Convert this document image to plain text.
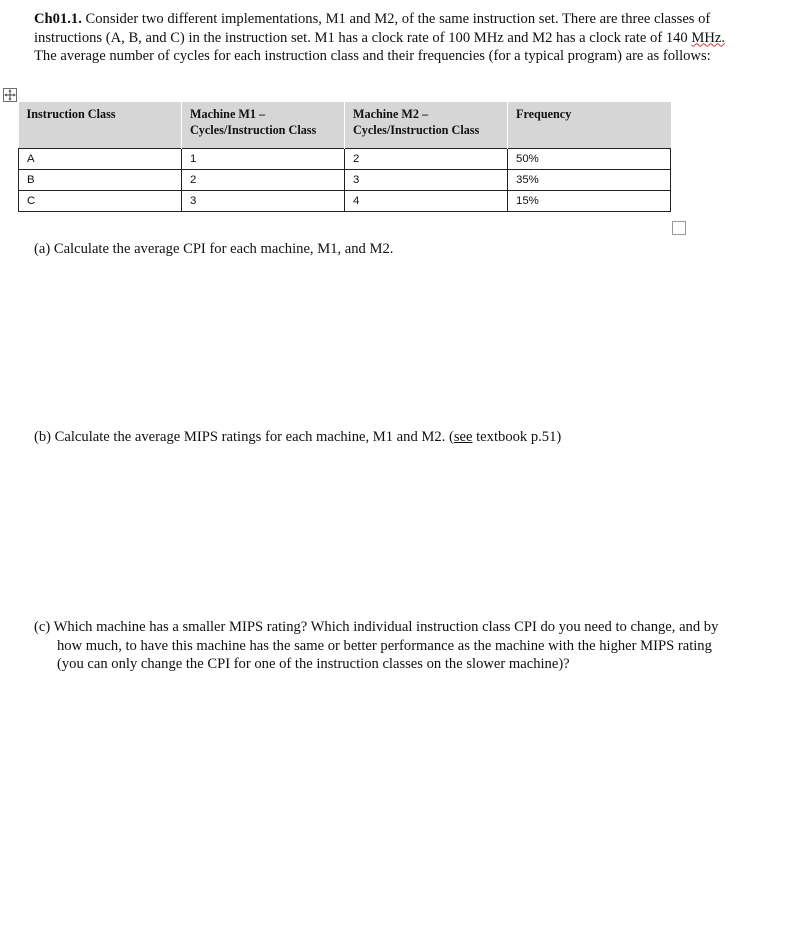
Ch01.1. Consider two different implementations, M1 and M2, of the same instruction set. There are three classes of instructions (A, B, and C) in the instruction set. M1 has a clock rate of 100 MHz and M2 has a clock rate of 140 MHz. The average number of cycles for each instruction class and their frequencies (for a typical program) are as follows:

Instruction Class	Machine M1 – Cycles/Instruction Class	Machine M2 – Cycles/Instruction Class	Frequency
A	1	2	50%
B	2	3	35%
C	3	4	15%

(a) Calculate the average CPI for each machine, M1, and M2.

(b) Calculate the average MIPS ratings for each machine, M1 and M2. (see textbook p.51)

(c) Which machine has a smaller MIPS rating? Which individual instruction class CPI do you need to change, and by how much, to have this machine has the same or better performance as the machine with the higher MIPS rating (you can only change the CPI for one of the instruction classes on the slower machine)?
